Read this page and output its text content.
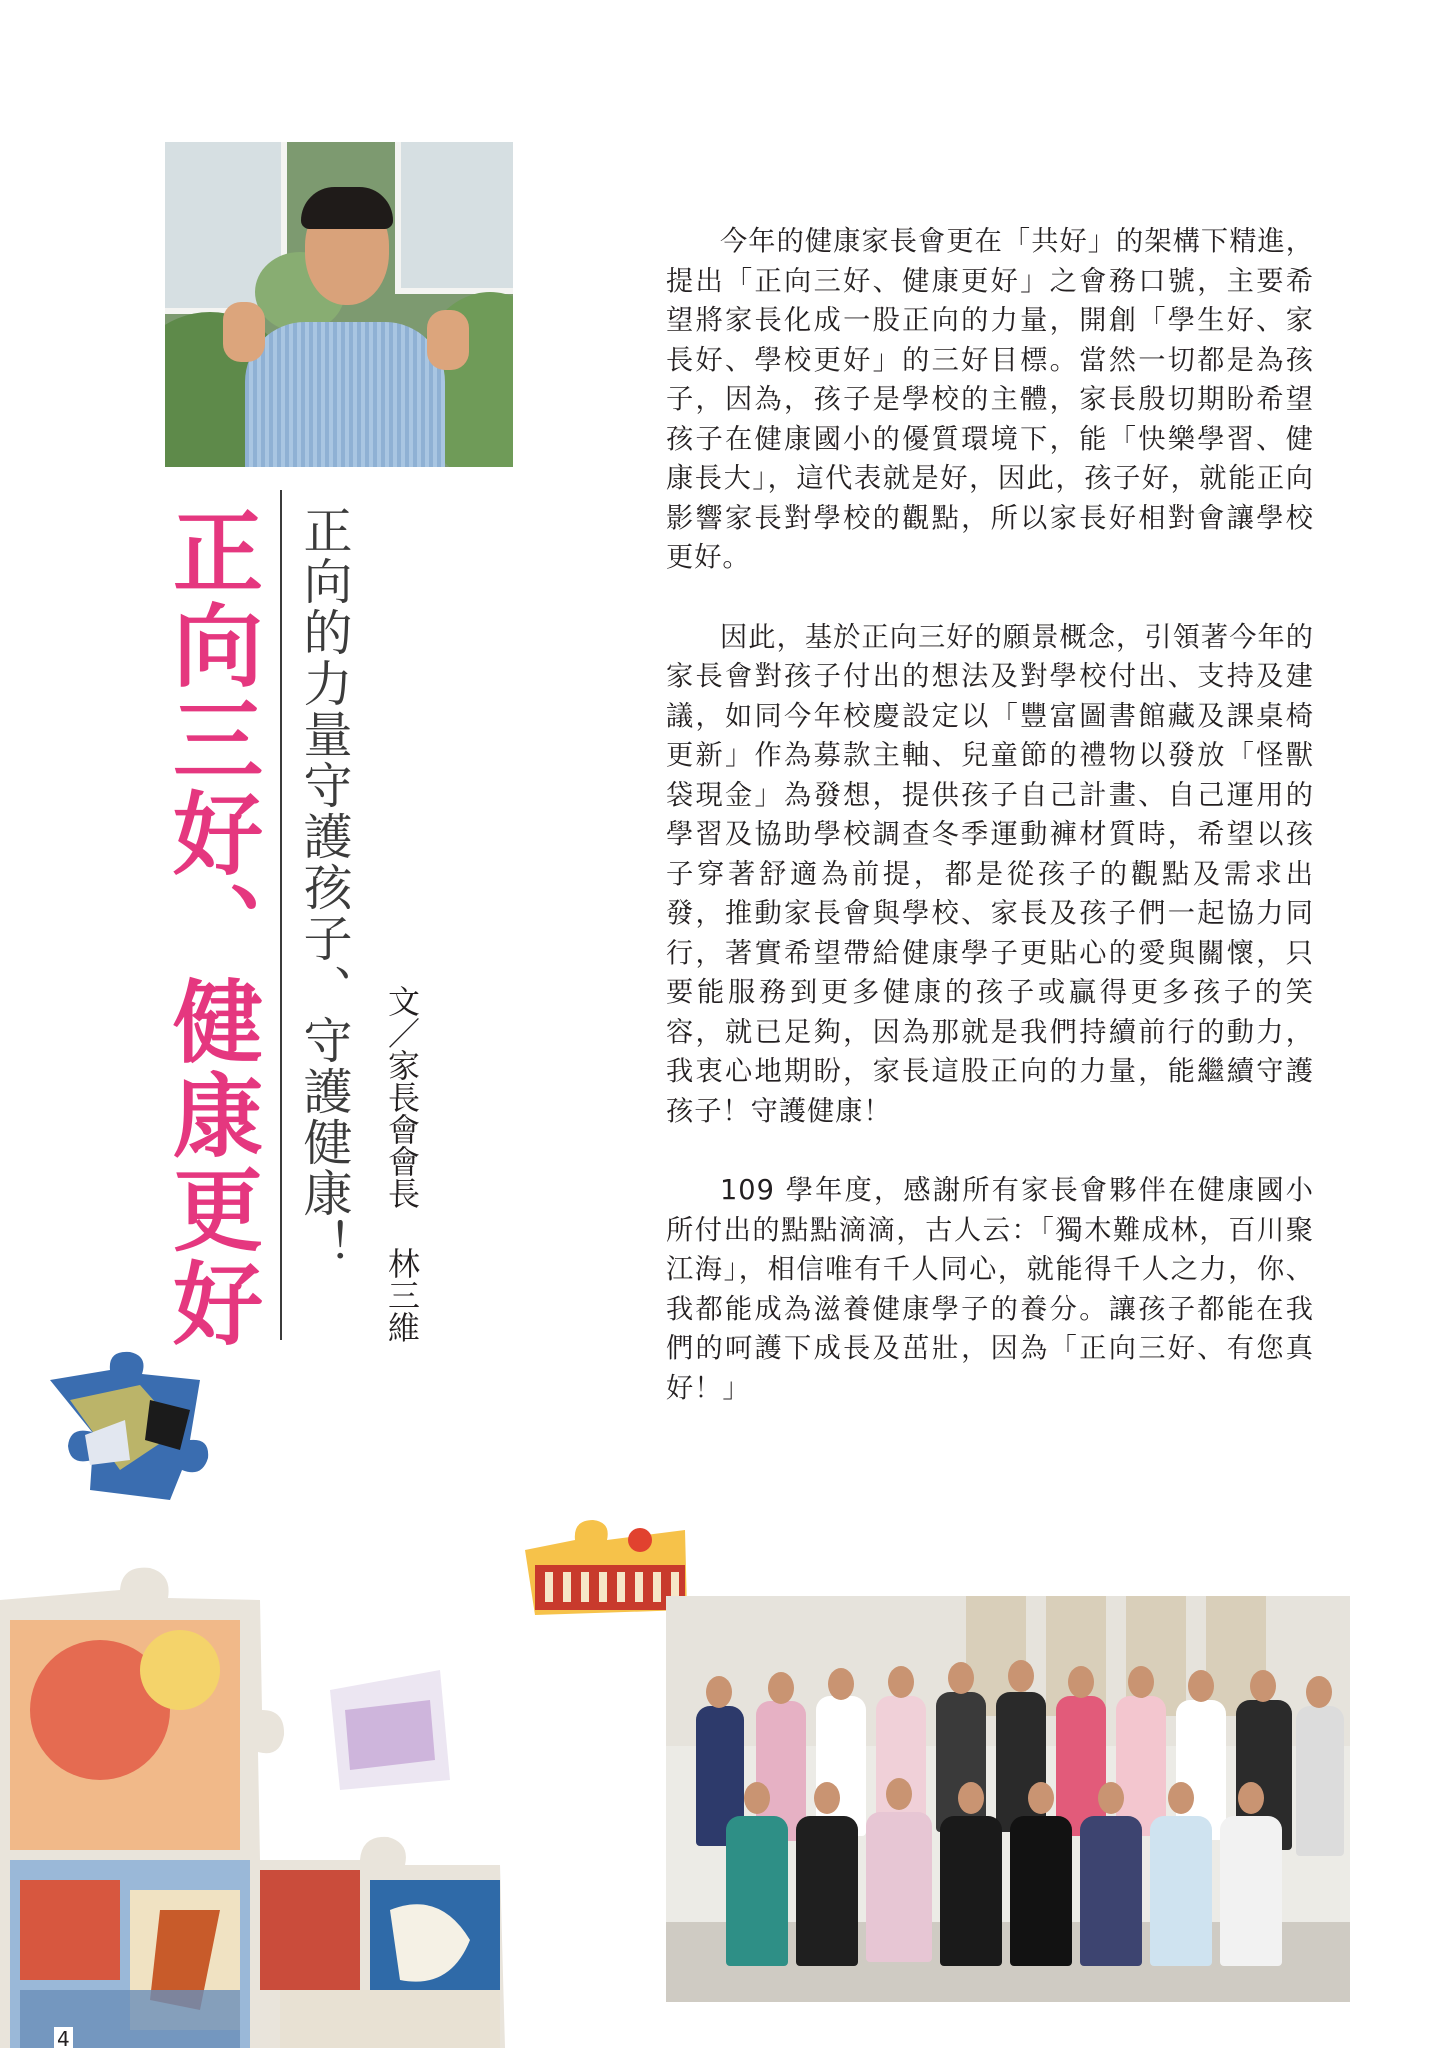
正向三好、健康更好 正向的力量守護孩子、守護健康！ 文／家長會會長 林三維

今年的健康家長會更在「共好」的架構下精進，提出「正向三好、健康更好」之會務口號，主要希望將家長化成一股正向的力量，開創「學生好、家長好、學校更好」的三好目標。當然一切都是為孩子，因為，孩子是學校的主體，家長殷切期盼希望孩子在健康國小的優質環境下，能「快樂學習、健康長大」，這代表就是好，因此，孩子好，就能正向影響家長對學校的觀點，所以家長好相對會讓學校更好。

因此，基於正向三好的願景概念，引領著今年的家長會對孩子付出的想法及對學校付出、支持及建議，如同今年校慶設定以「豐富圖書館藏及課桌椅更新」作為募款主軸、兒童節的禮物以發放「怪獸袋現金」為發想，提供孩子自己計畫、自己運用的學習及協助學校調查冬季運動褲材質時，希望以孩子穿著舒適為前提，都是從孩子的觀點及需求出發，推動家長會與學校、家長及孩子們一起協力同行，著實希望帶給健康學子更貼心的愛與關懷，只要能服務到更多健康的孩子或贏得更多孩子的笑容，就已足夠，因為那就是我們持續前行的動力，我衷心地期盼，家長這股正向的力量，能繼續守護孩子！守護健康！

109 學年度，感謝所有家長會夥伴在健康國小所付出的點點滴滴，古人云：「獨木難成林，百川聚江海」，相信唯有千人同心，就能得千人之力，你、我都能成為滋養健康學子的養分。讓孩子都能在我們的呵護下成長及茁壯，因為「正向三好、有您真好！」

4
